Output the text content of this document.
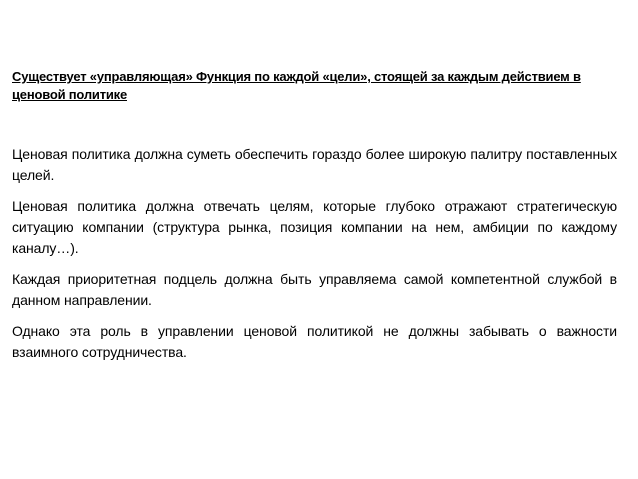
Существует «управляющая» Функция по каждой «цели», стоящей за каждым действием в ценовой политике

Ценовая политика должна суметь обеспечить гораздо более широкую палитру поставленных целей.

Ценовая политика должна отвечать целям, которые глубоко отражают стратегическую ситуацию компании (структура рынка, позиция компании на нем, амбиции по каждому каналу…).

Каждая приоритетная подцель должна быть управляема самой компетентной службой в данном направлении.

Однако эта роль в управлении ценовой политикой не должны забывать о важности взаимного сотрудничества.
